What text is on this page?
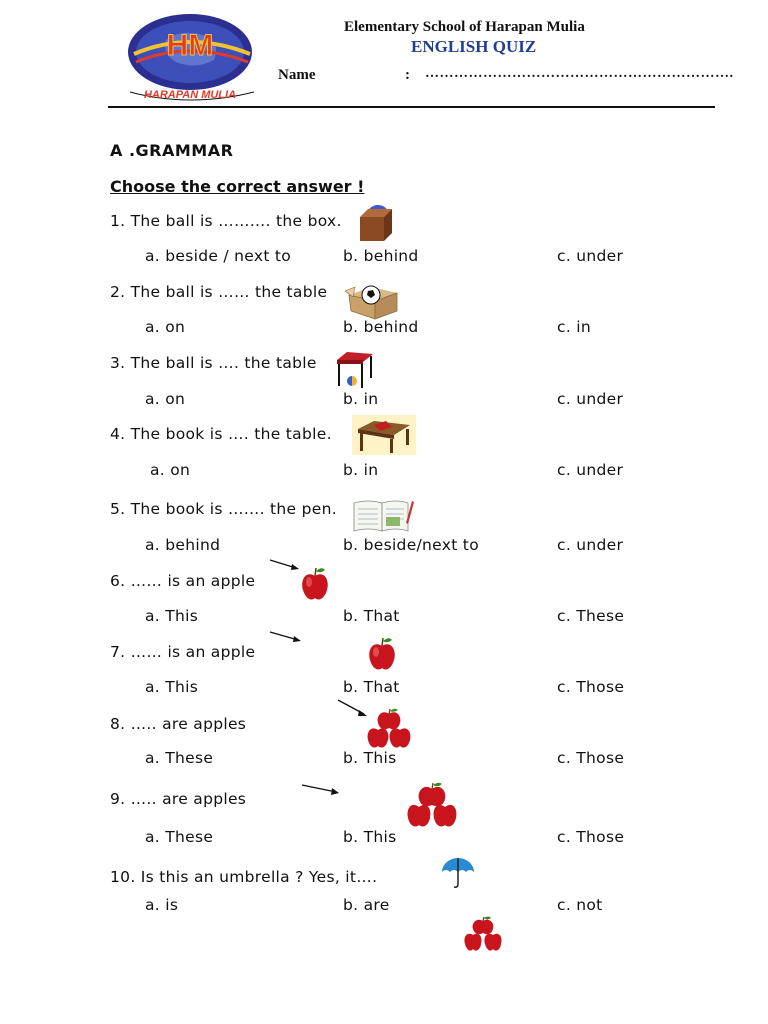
HM
HARAPAN MULIA
Elementary School of Harapan Mulia
ENGLISH QUIZ
Name	: ……………………………………………………….
A .GRAMMAR
Choose the correct answer !
1. The ball is ………. the box.
a. beside / next to	b. behind	c. under
2. The ball is …… the table
a. on	b. behind	c. in
3. The ball is …. the table
a. on	b. in	c. under
4. The book is …. the table.
a. on	b. in	c. under
5. The book is ……. the pen.
a. behind	b. beside/next to	c. under
6. …… is an apple
a. This	b. That	c. These
7. …… is an apple
a. This	b. That	c. Those
8. ….. are apples
a. These	b. This	c. Those
9. ….. are apples
a. These	b. This	c. Those
10. Is this an umbrella ? Yes, it….
a. is	b. are	c. not
